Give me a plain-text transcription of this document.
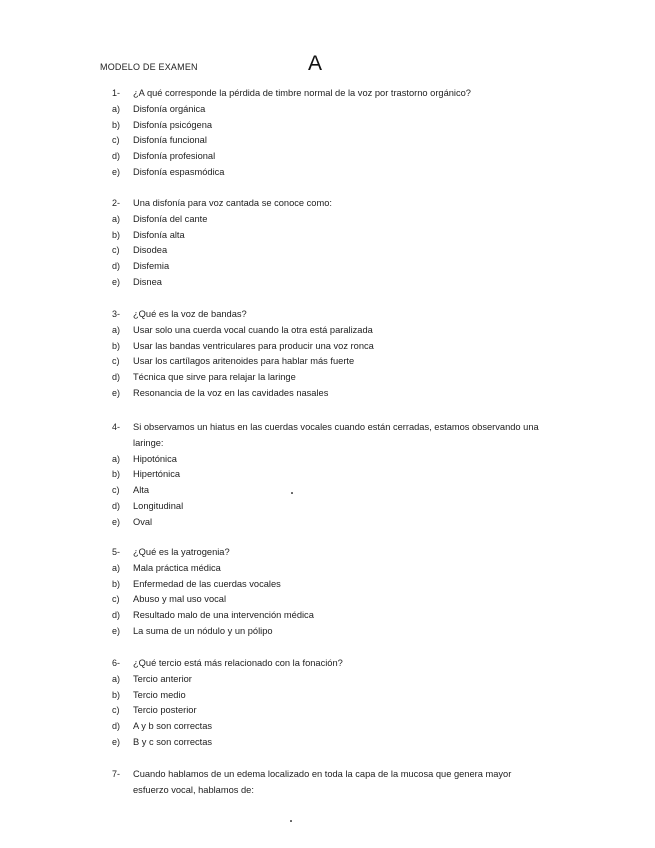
MODELO DE EXAMEN	A
1-	¿A qué corresponde la pérdida de timbre normal de la voz por trastorno orgánico?
a)	Disfonía orgánica
b)	Disfonía psicógena
c)	Disfonía funcional
d)	Disfonía profesional
e)	Disfonía espasmódica
2-	Una disfonía para voz cantada se conoce como:
a)	Disfonía del cante
b)	Disfonía alta
c)	Disodea
d)	Disfemia
e)	Disnea
3-	¿Qué es la voz de bandas?
a)	Usar solo una cuerda vocal cuando la otra está paralizada
b)	Usar las bandas ventriculares para producir una voz ronca
c)	Usar los cartílagos aritenoides para hablar más fuerte
d)	Técnica que sirve para relajar la laringe
e)	Resonancia de la voz en las cavidades nasales
4-	Si observamos un hiatus en las cuerdas vocales cuando están cerradas, estamos observando una laringe:
a)	Hipotónica
b)	Hipertónica
c)	Alta
d)	Longitudinal
e)	Oval
5-	¿Qué es la yatrogenia?
a)	Mala práctica médica
b)	Enfermedad de las cuerdas vocales
c)	Abuso y mal uso vocal
d)	Resultado malo de una intervención médica
e)	La suma de un nódulo y un pólipo
6-	¿Qué tercio está más relacionado con la fonación?
a)	Tercio anterior
b)	Tercio medio
c)	Tercio posterior
d)	A y b son correctas
e)	B y c son correctas
7-	Cuando hablamos de un edema localizado en toda la capa de la mucosa que genera mayor esfuerzo vocal, hablamos de:
